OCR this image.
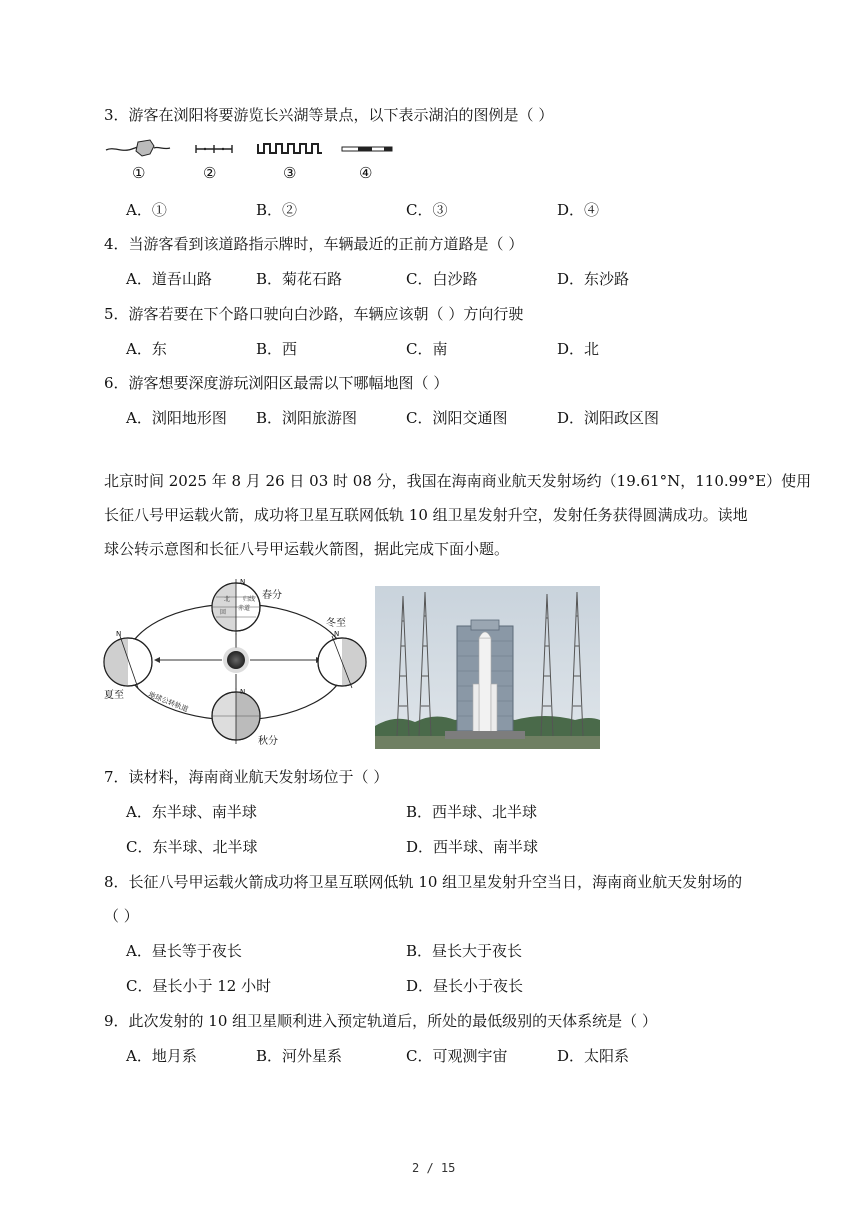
3．游客在浏阳将要游览长兴湖等景点，以下表示湖泊的图例是（ ）
①	②	③	④
A．①	B．②	C．③	D．④
4．当游客看到该道路指示牌时，车辆最近的正前方道路是（ ）
A．道吾山路	B．菊花石路	C．白沙路	D．东沙路
5．游客若要在下个路口驶向白沙路，车辆应该朝（ ）方向行驶
A．东	B．西	C．南	D．北
6．游客想要深度游玩浏阳区最需以下哪幅地图（ ）
A．浏阳地形图 B．浏阳旅游图	C．浏阳交通图	D．浏阳政区图
北京时间 2025 年 8 月 26 日 03 时 08 分，我国在海南商业航天发射场约（19.61°N，110.99°E）使用
长征八号甲运载火箭，成功将卫星互联网低轨 10 组卫星发射升空，发射任务获得圆满成功。读地
球公转示意图和长征八号甲运载火箭图，据此完成下面小题。
春分
冬至
夏至
秋分
地球公转轨道
N
N
N
N
北
赤道
归线
回
7．读材料，海南商业航天发射场位于（ ）
A．东半球、南半球	B．西半球、北半球
C．东半球、北半球	D．西半球、南半球
8．长征八号甲运载火箭成功将卫星互联网低轨 10 组卫星发射升空当日，海南商业航天发射场的
（ ）
A．昼长等于夜长	B．昼长大于夜长
C．昼长小于 12 小时	D．昼长小于夜长
9．此次发射的 10 组卫星顺利进入预定轨道后，所处的最低级别的天体系统是（ ）
A．地月系	B．河外星系	C．可观测宇宙	D．太阳系
2 / 15
